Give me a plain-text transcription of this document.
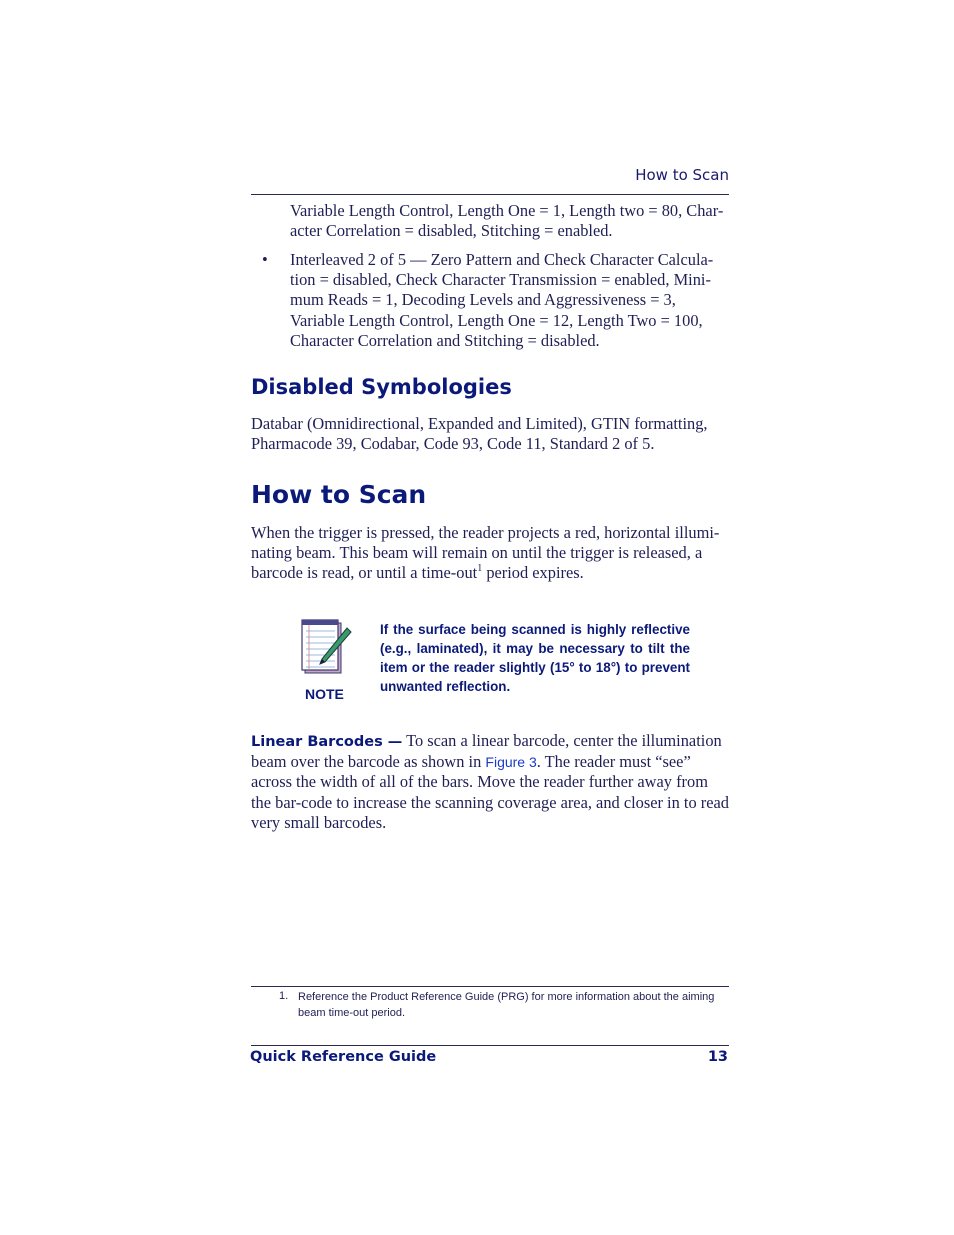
How to Scan
Variable Length Control, Length One = 1, Length two = 80, Char-acter Correlation = disabled, Stitching = enabled.
• Interleaved 2 of 5 — Zero Pattern and Check Character Calcula-tion = disabled, Check Character Transmission = enabled, Mini-mum Reads = 1, Decoding Levels and Aggressiveness = 3, Variable Length Control, Length One = 12, Length Two = 100, Character Correlation and Stitching = disabled.
Disabled Symbologies
Databar (Omnidirectional, Expanded and Limited), GTIN formatting, Pharmacode 39, Codabar, Code 93, Code 11, Standard 2 of 5.
How to Scan
When the trigger is pressed, the reader projects a red, horizontal illumi-nating beam. This beam will remain on until the trigger is released, a barcode is read, or until a time-out$^1$ period expires.
NOTE
If the surface being scanned is highly reflective (e.g., laminated), it may be necessary to tilt the item or the reader slightly (15° to 18°) to prevent unwanted reflection.
Linear Barcodes — To scan a linear barcode, center the illumination beam over the barcode as shown in Figure 3. The reader must “see” across the width of all of the bars. Move the reader further away from the bar-code to increase the scanning coverage area, and closer in to read very small barcodes.
1. Reference the Product Reference Guide (PRG) for more information about the aiming beam time-out period.
Quick Reference Guide	13
